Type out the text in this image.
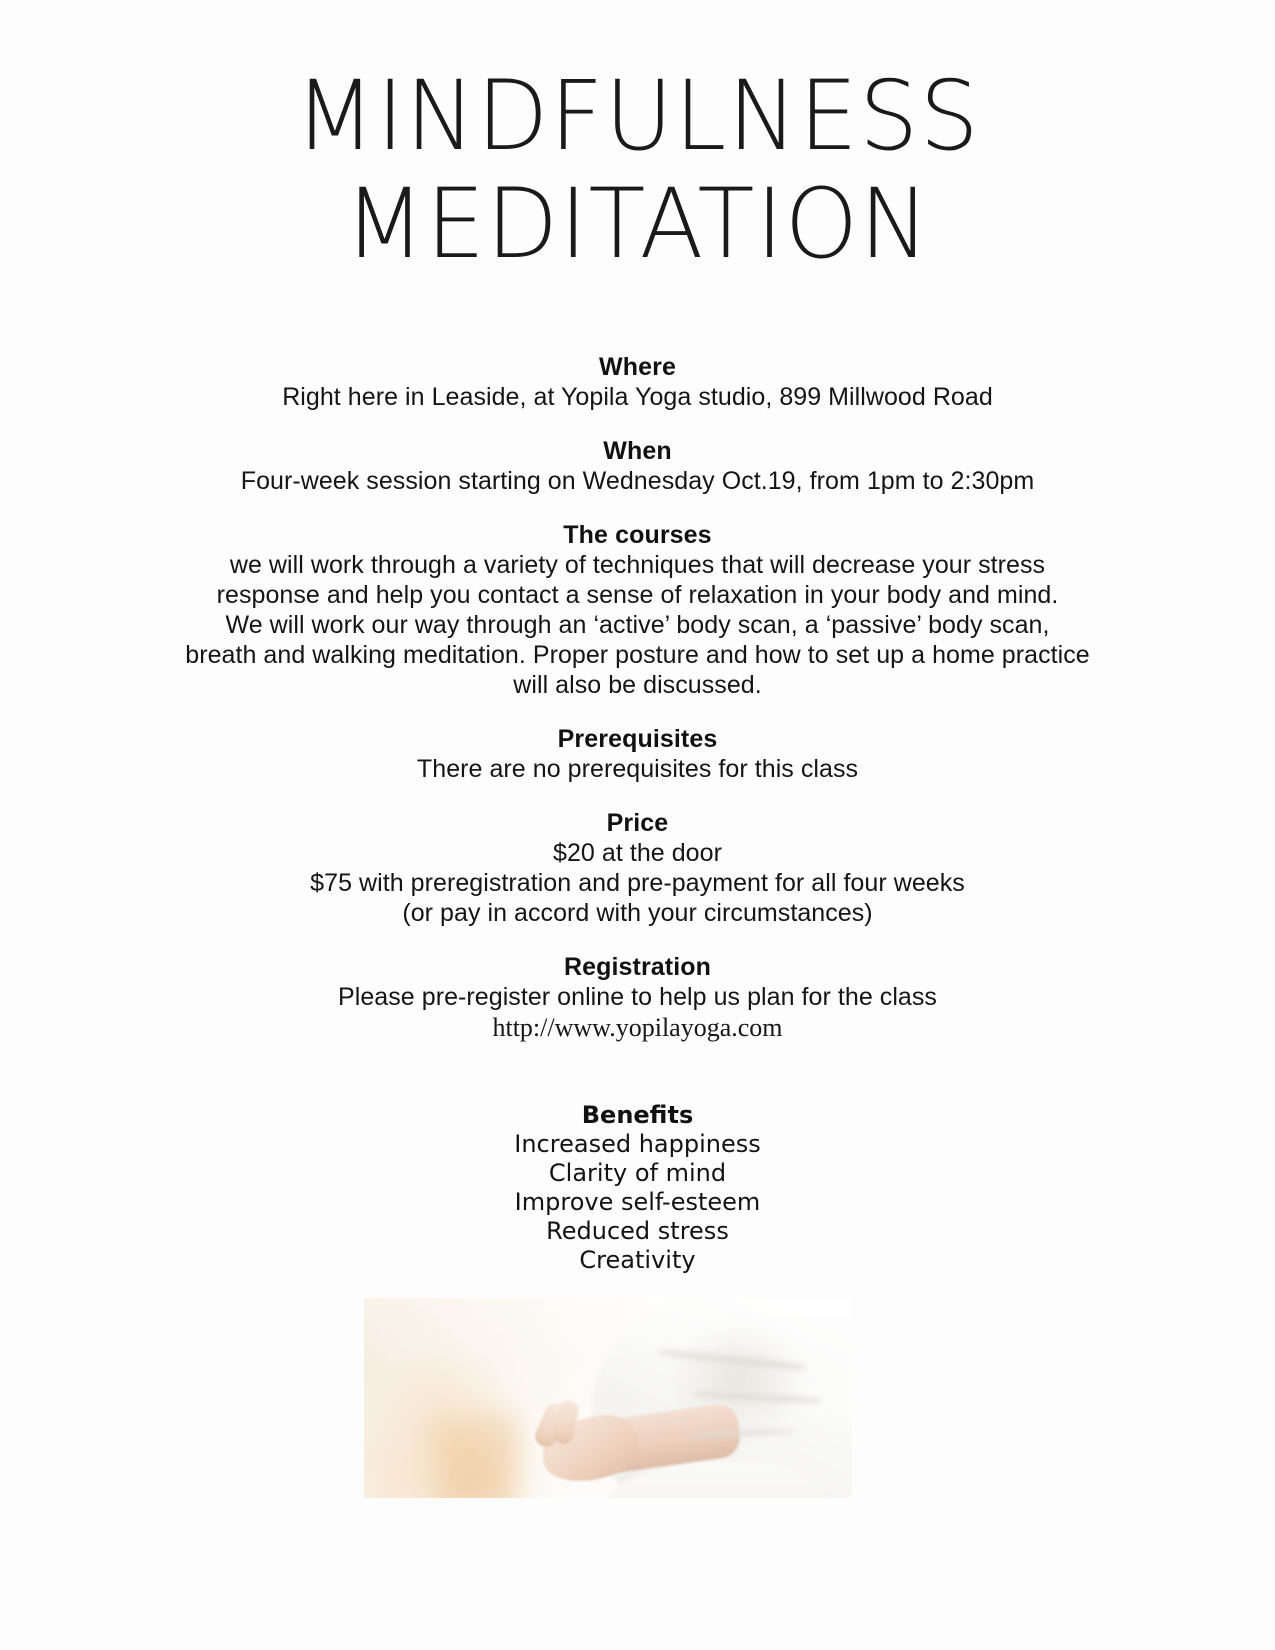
MINDFULNESS
MEDITATION
Where
Right here in Leaside, at Yopila Yoga studio, 899 Millwood Road
When
Four-week session starting on Wednesday Oct.19, from 1pm to 2:30pm
The courses
we will work through a variety of techniques that will decrease your stress
response and help you contact a sense of relaxation in your body and mind.
We will work our way through an ‘active’ body scan, a ‘passive’ body scan,
breath and walking meditation. Proper posture and how to set up a home practice
will also be discussed.
Prerequisites
There are no prerequisites for this class
Price
$20 at the door
$75 with preregistration and pre-payment for all four weeks
(or pay in accord with your circumstances)
Registration
Please pre-register online to help us plan for the class
http://www.yopilayoga.com
Benefits
Increased happiness
Clarity of mind
Improve self-esteem
Reduced stress
Creativity
